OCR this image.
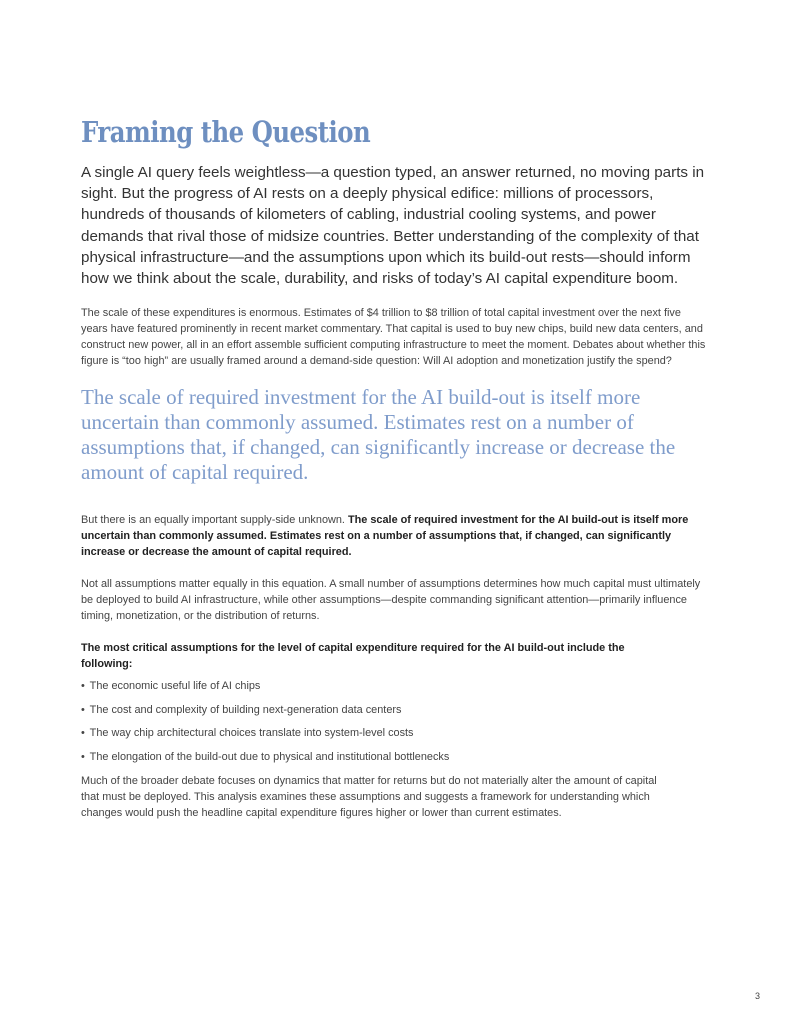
Framing the Question

A single AI query feels weightless—a question typed, an answer returned, no moving parts in sight. But the progress of AI rests on a deeply physical edifice: millions of processors, hundreds of thousands of kilometers of cabling, industrial cooling systems, and power demands that rival those of midsize countries. Better understanding of the complexity of that physical infrastructure—and the assumptions upon which its build-out rests—should inform how we think about the scale, durability, and risks of today’s AI capital expenditure boom.

The scale of these expenditures is enormous. Estimates of $4 trillion to $8 trillion of total capital investment over the next five years have featured prominently in recent market commentary. That capital is used to buy new chips, build new data centers, and construct new power, all in an effort assemble sufficient computing infrastructure to meet the moment. Debates about whether this figure is “too high” are usually framed around a demand-side question: Will AI adoption and monetization justify the spend?

The scale of required investment for the AI build-out is itself more uncertain than commonly assumed. Estimates rest on a number of assumptions that, if changed, can significantly increase or decrease the amount of capital required.

But there is an equally important supply-side unknown. The scale of required investment for the AI build-out is itself more uncertain than commonly assumed. Estimates rest on a number of assumptions that, if changed, can significantly increase or decrease the amount of capital required.

Not all assumptions matter equally in this equation. A small number of assumptions determines how much capital must ultimately be deployed to build AI infrastructure, while other assumptions—despite commanding significant attention—primarily influence timing, monetization, or the distribution of returns.

The most critical assumptions for the level of capital expenditure required for the AI build-out include the following:

• The economic useful life of AI chips
• The cost and complexity of building next-generation data centers
• The way chip architectural choices translate into system-level costs
• The elongation of the build-out due to physical and institutional bottlenecks

Much of the broader debate focuses on dynamics that matter for returns but do not materially alter the amount of capital that must be deployed. This analysis examines these assumptions and suggests a framework for understanding which changes would push the headline capital expenditure figures higher or lower than current estimates.

3
